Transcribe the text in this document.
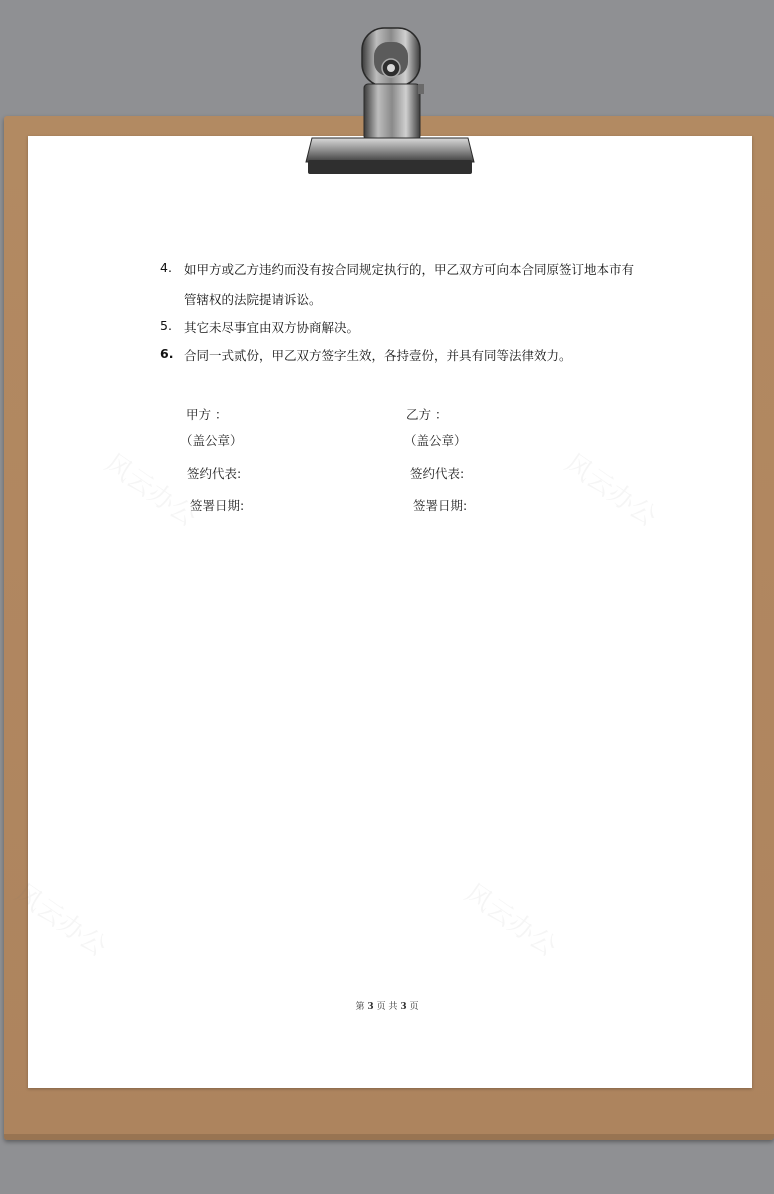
风云办公	风云办公
风云办公	风云办公
4. 如甲方或乙方违约而没有按合同规定执行的，甲乙双方可向本合同原签订地本市有
管辖权的法院提请诉讼。
5. 其它未尽事宜由双方协商解决。
6. 合同一式贰份，甲乙双方签字生效，各持壹份，并具有同等法律效力。
甲方 ：
（盖公章）
签约代表:
签署日期:
乙方 ：
（盖公章）
签约代表:
签署日期:
第 3 页 共 3 页
